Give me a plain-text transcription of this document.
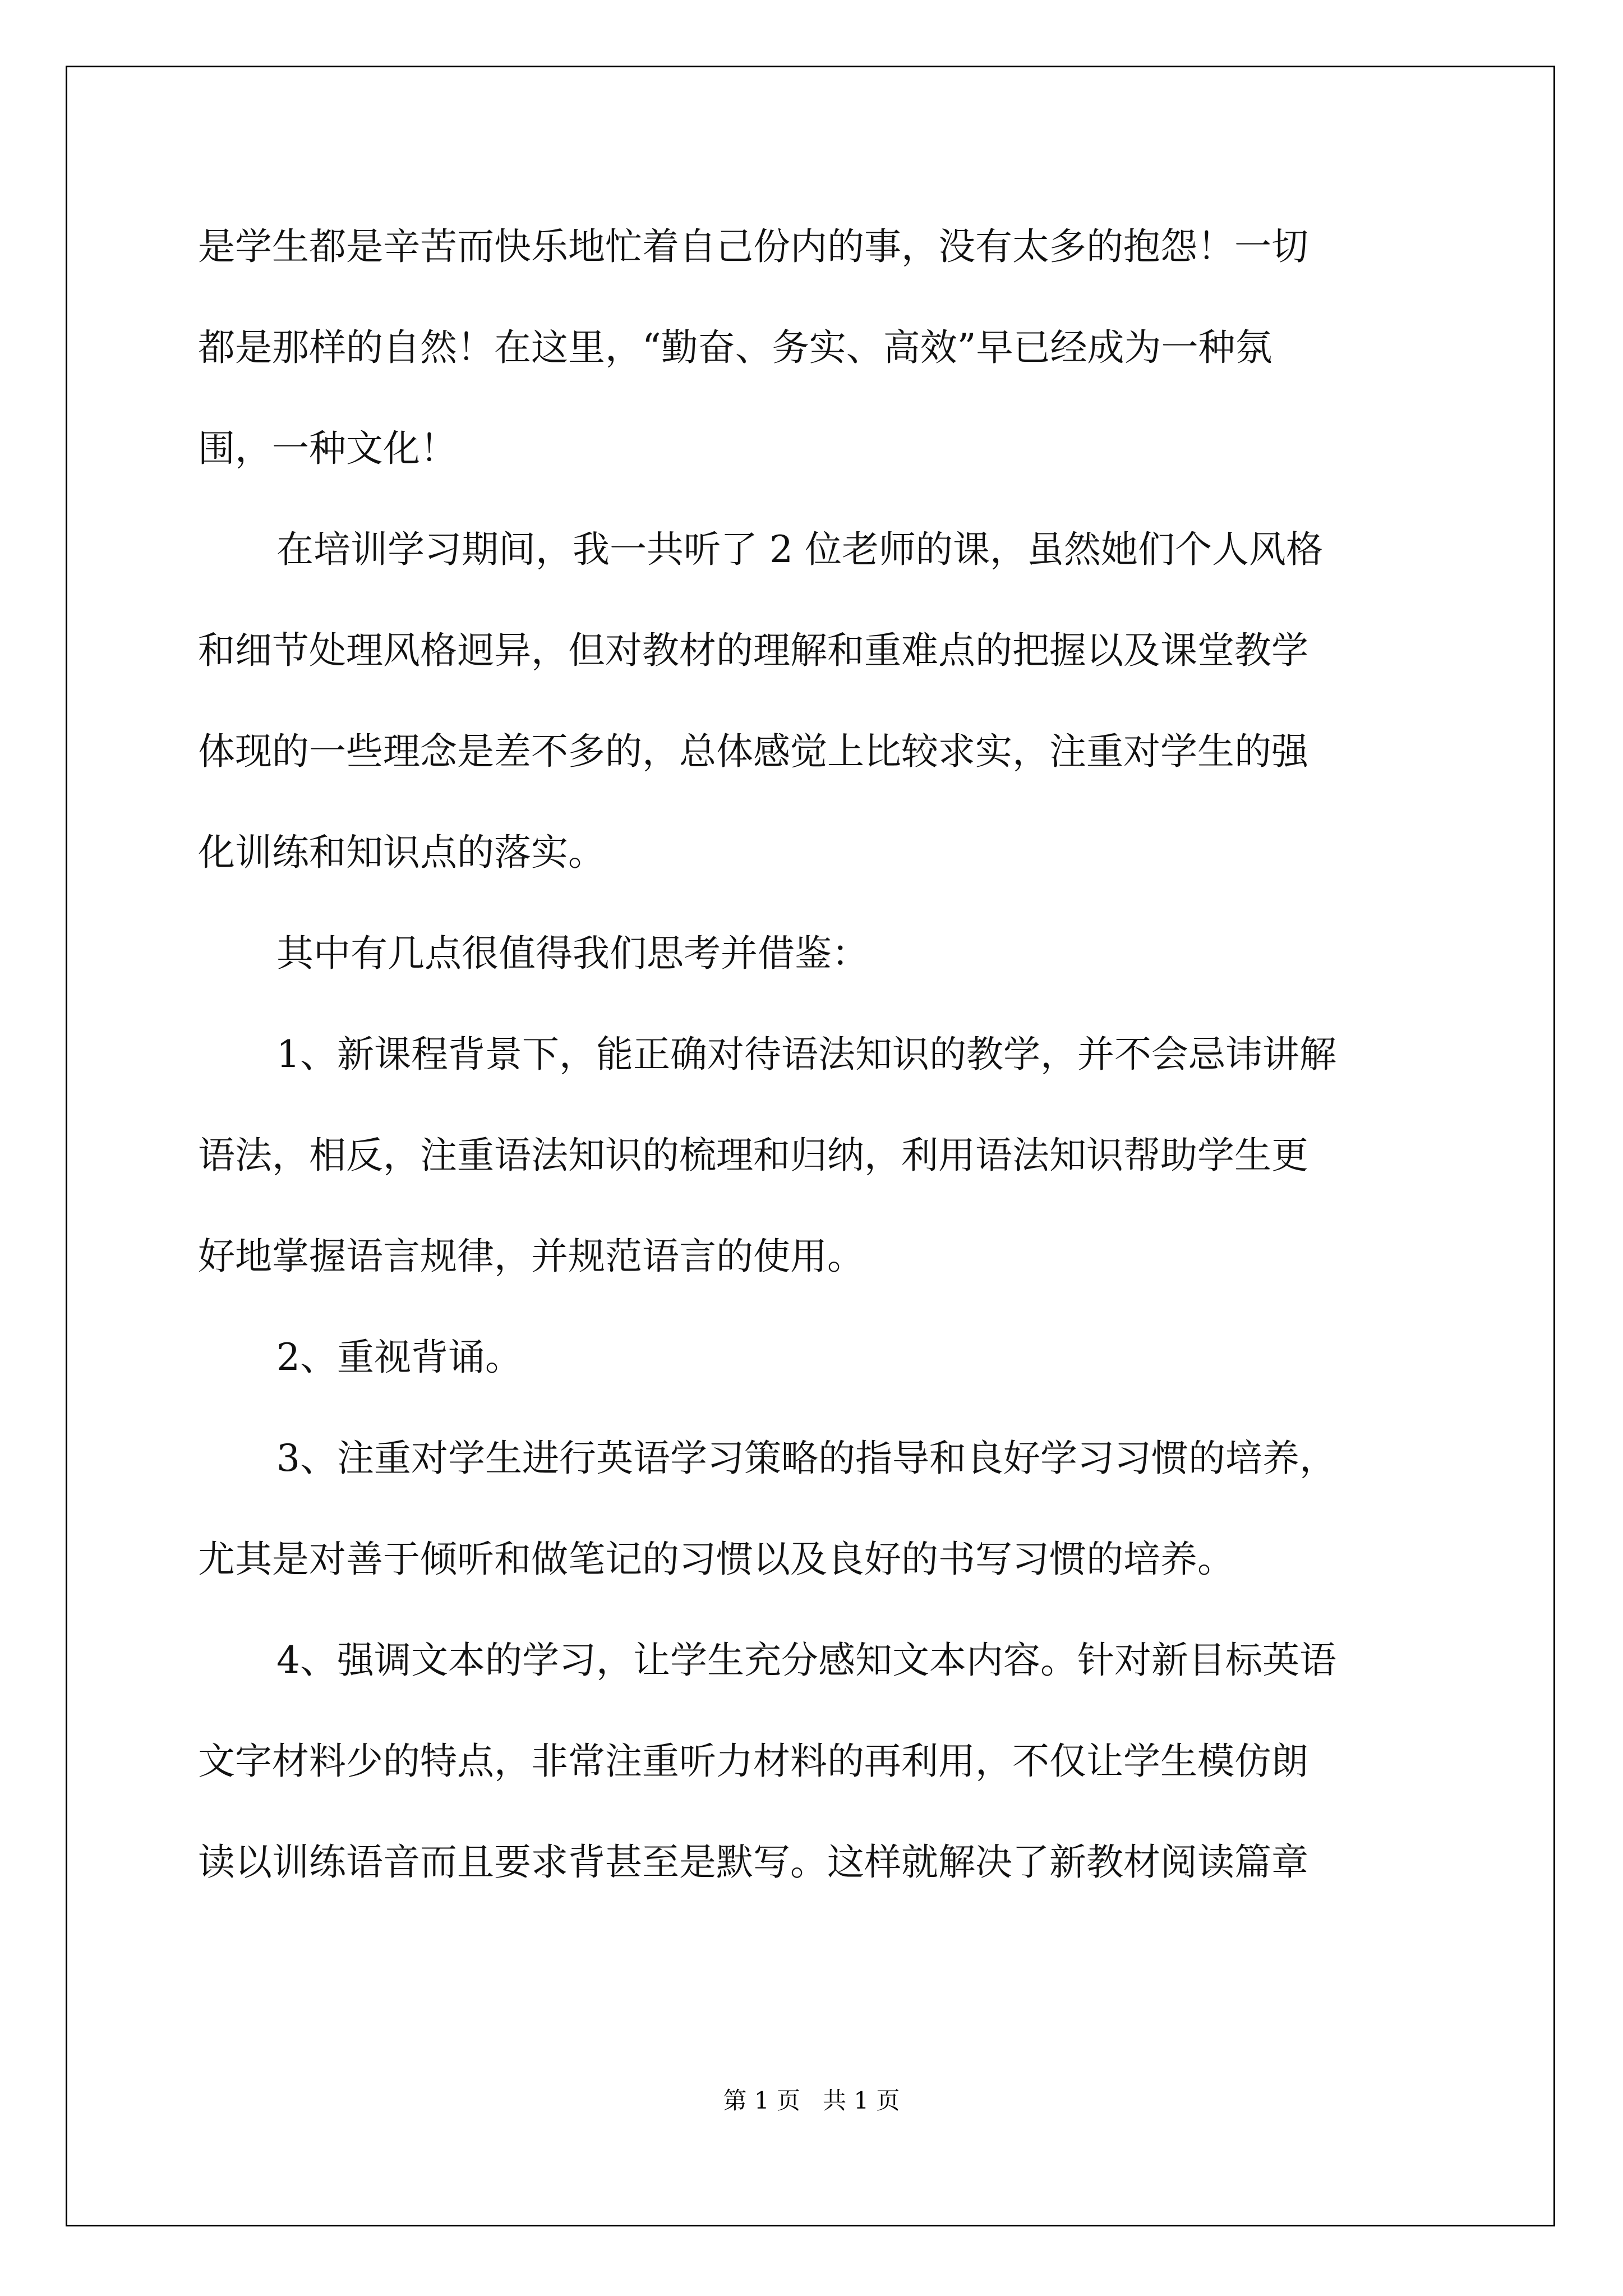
是学生都是辛苦而快乐地忙着自己份内的事，没有太多的抱怨！一切
都是那样的自然！在这里，“勤奋、务实、高效”早已经成为一种氛
围，一种文化！
在培训学习期间，我一共听了 2 位老师的课，虽然她们个人风格
和细节处理风格迥异，但对教材的理解和重难点的把握以及课堂教学
体现的一些理念是差不多的，总体感觉上比较求实，注重对学生的强
化训练和知识点的落实。
其中有几点很值得我们思考并借鉴：
1、新课程背景下，能正确对待语法知识的教学，并不会忌讳讲解
语法，相反，注重语法知识的梳理和归纳，利用语法知识帮助学生更
好地掌握语言规律，并规范语言的使用。
2、重视背诵。
3、注重对学生进行英语学习策略的指导和良好学习习惯的培养，
尤其是对善于倾听和做笔记的习惯以及良好的书写习惯的培养。
4、强调文本的学习，让学生充分感知文本内容。针对新目标英语
文字材料少的特点，非常注重听力材料的再利用，不仅让学生模仿朗
读以训练语音而且要求背甚至是默写。这样就解决了新教材阅读篇章
第 1 页   共 1 页
